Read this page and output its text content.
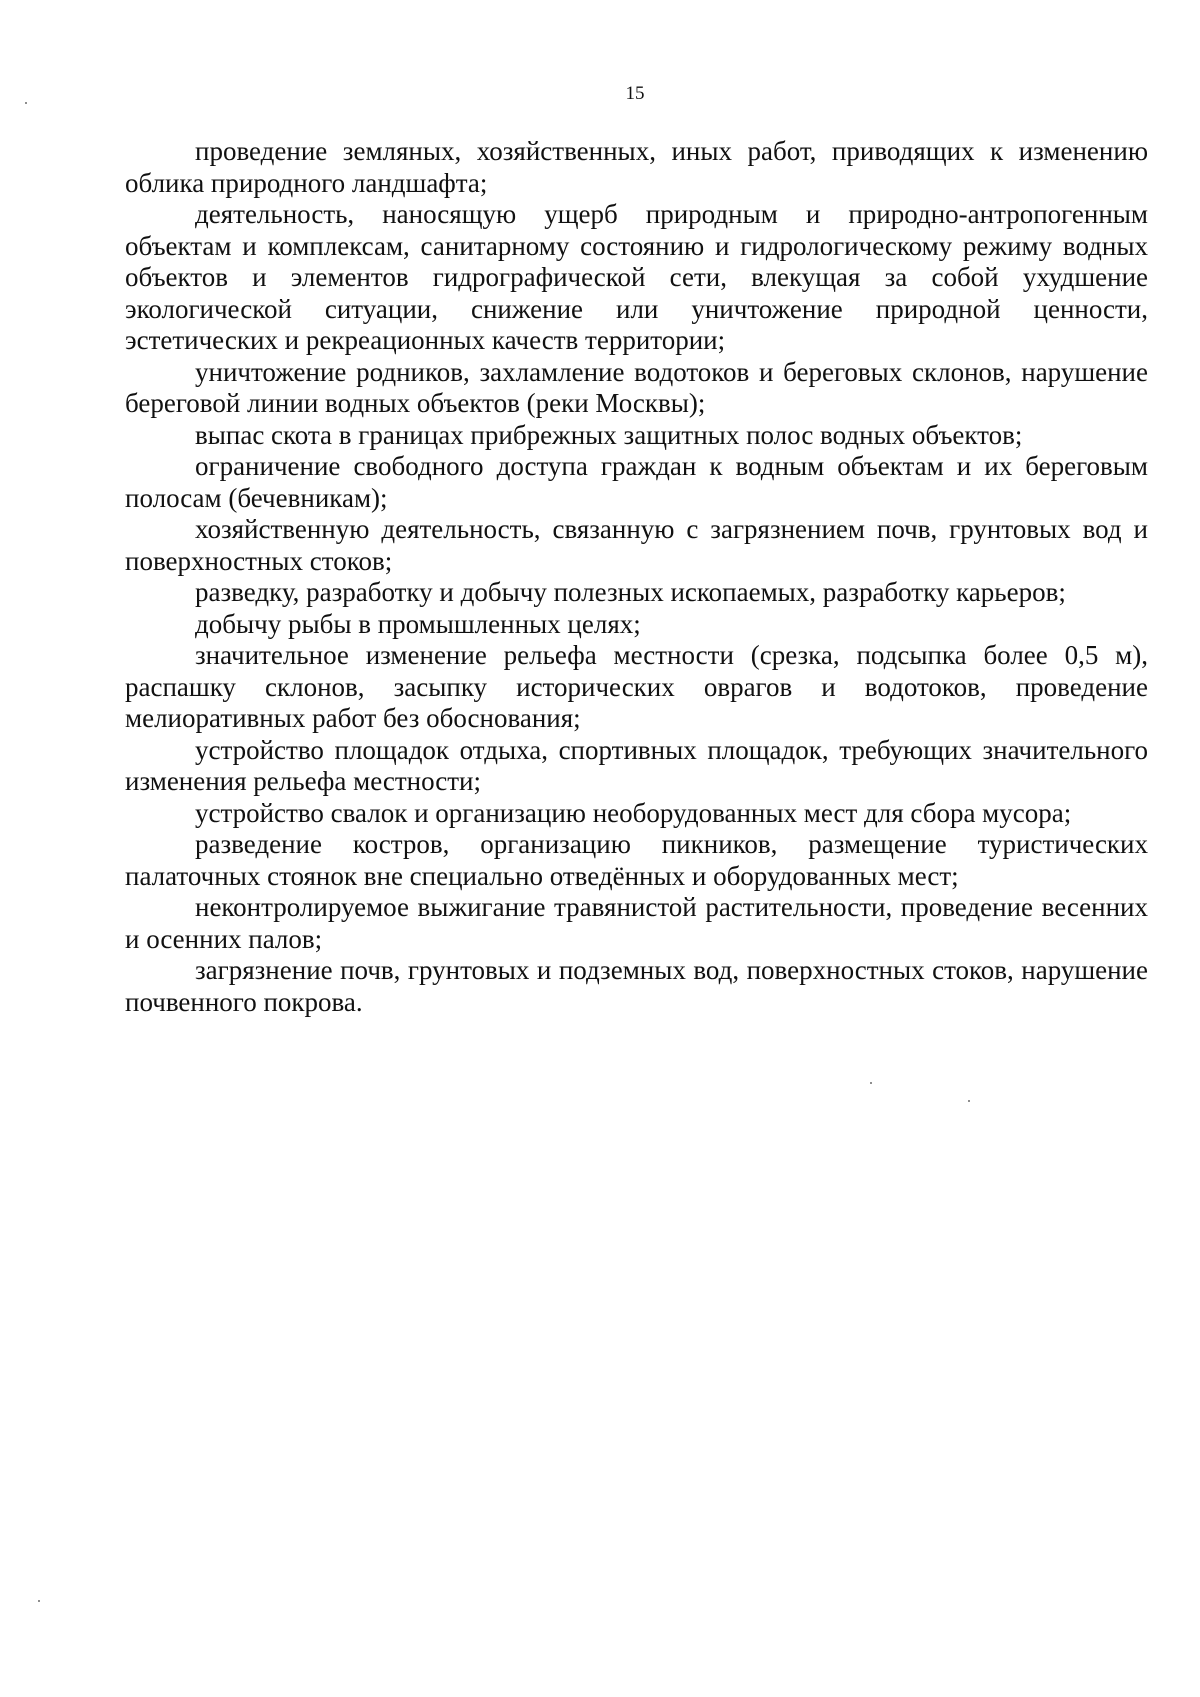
15

проведение земляных, хозяйственных, иных работ, приводящих к изменению облика природного ландшафта;

деятельность, наносящую ущерб природным и природно-антропогенным объектам и комплексам, санитарному состоянию и гидрологическому режиму водных объектов и элементов гидрографической сети, влекущая за собой ухудшение экологической ситуации, снижение или уничтожение природной ценности, эстетических и рекреационных качеств территории;

уничтожение родников, захламление водотоков и береговых склонов, нарушение береговой линии водных объектов (реки Москвы);

выпас скота в границах прибрежных защитных полос водных объектов;

ограничение свободного доступа граждан к водным объектам и их береговым полосам (бечевникам);

хозяйственную деятельность, связанную с загрязнением почв, грунтовых вод и поверхностных стоков;

разведку, разработку и добычу полезных ископаемых, разработку карьеров;

добычу рыбы в промышленных целях;

значительное изменение рельефа местности (срезка, подсыпка более 0,5 м), распашку склонов, засыпку исторических оврагов и водотоков, проведение мелиоративных работ без обоснования;

устройство площадок отдыха, спортивных площадок, требующих значительного изменения рельефа местности;

устройство свалок и организацию необорудованных мест для сбора мусора;

разведение костров, организацию пикников, размещение туристических палаточных стоянок вне специально отведённых и оборудованных мест;

неконтролируемое выжигание травянистой растительности, проведение весенних и осенних палов;

загрязнение почв, грунтовых и подземных вод, поверхностных стоков, нарушение почвенного покрова.
